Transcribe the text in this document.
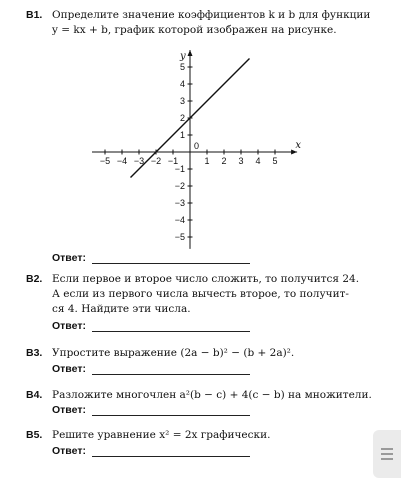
B1. Определите значение коэффициентов k и b для функции
y = kx + b, график которой изображен на рисунке.
x
y
0
−5 −4 −3 −2 −1	1 2 3 4 5
5
4
3
2
1
−1
−2
−3
−4
−5
Ответ:
B2. Если первое и второе число сложить, то получится 24.
А если из первого числа вычесть второе, то получит-
ся 4. Найдите эти числа.
Ответ:
B3. Упростите выражение (2a − b)² − (b + 2a)².
Ответ:
B4. Разложите многочлен a²(b − c) + 4(c − b) на множители.
Ответ:
B5. Решите уравнение x² = 2x графически.
Ответ:
